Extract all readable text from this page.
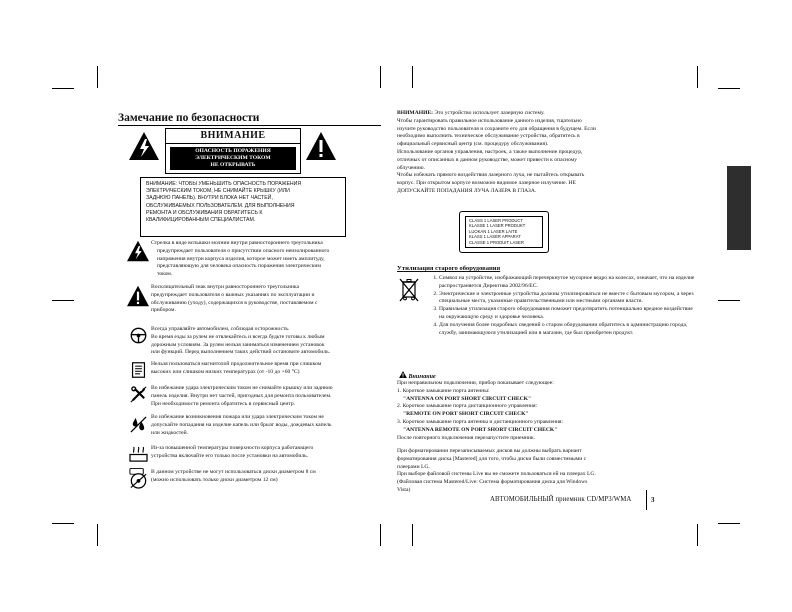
Замечание по безопасности
ВНИМАНИЕ
ОПАСНОСТЬ ПОРАЖЕНИЯ
ЭЛЕКТРИЧЕСКИМ ТОКОМ
НЕ ОТКРЫВАТЬ
ВНИМАНИЕ: ЧТОБЫ УМЕНЬШИТЬ ОПАСНОСТЬ ПОРАЖЕНИЯ
ЭЛЕКТРИЧЕСКИМ ТОКОМ, НЕ СНИМАЙТЕ КРЫШКУ (ИЛИ
ЗАДНЮЮ ПАНЕЛЬ). ВНУТРИ БЛОКА НЕТ ЧАСТЕЙ,
ОБСЛУЖИВАЕМЫХ ПОЛЬЗОВАТЕЛЕМ. ДЛЯ ВЫПОЛНЕНИЯ
РЕМОНТА И ОБСЛУЖИВАНИЯ ОБРАТИТЕСЬ К
КВАЛИФИЦИРОВАННЫМ СПЕЦИАЛИСТАМ.
Стрелка в виде вспышки молнии внутри равностороннего треугольника
предупреждает пользователя о присутствии опасного неизолированного
напряжения внутри корпуса изделия, которое может иметь амплитуду,
представляющую для человека опасность поражения электрическим
током.
Восклицательный знак внутри равностороннего треугольника
предупреждает пользователя о важных указаниях по эксплуатации и
обслуживанию (уходу), содержащихся в руководстве, поставляемом с
прибором.
Всегда управляйте автомобилем, соблюдая осторожность.
Во время езды за рулем не отвлекайтесь и всегда будьте готовы к любым
дорожным условиям. За рулем нельзя заниматься изменением установок
или функций. Перед выполнением таких действий остановите автомобиль.
Нельзя пользоваться магнитолой продолжительное время при слишком
высоких или слишком низких температурах (от -10 до +60 °C)
Во избежание удара электрическим током не снимайте крышку или заднюю
панель изделия. Внутри нет частей, пригодных для ремонта пользователем.
При необходимости ремонта обратитесь в сервисный центр.
Во избежание возникновения пожара или удара электрическим током не
допускайте попадания на изделие капель или брызг воды, дождевых капель
или жидкостей.
Из-за повышенной температуры поверхности корпуса работающего
устройства включайте его только после установки на автомобиль.
В данном устройстве не могут использоваться диски диаметром 8 см
(можно использовать только диски диаметром 12 см)
ВНИМАНИЕ: Это устройство использует лазерную систему.
Чтобы гарантировать правильное использование данного изделия, тщательно
изучите руководство пользователя и сохраните его для обращения в будущем. Если
необходимо выполнить техническое обслуживание устройства, обратитесь в
официальный сервисный центр (см. процедуру обслуживания).
Использование органов управления, настроек, а также выполнение процедур,
отличных от описанных в данном руководстве, может привести к опасному
облучению.
Чтобы избежать прямого воздействия лазерного луча, не пытайтесь открывать
корпус. При открытом корпусе возможно видимое лазерное излучение. НЕ
ДОПУСКАЙТЕ ПОПАДАНИЯ ЛУЧА ЛАЗЕРА В ГЛАЗА.
CLASS 1 LASER PRODUCT
KLASSE 1 LASER PRODUKT
LUOKAN 1 LASER LAITE
KLASS 1 LASER APPARAT
CLASSE 1 PRODUIT LASER
Утилизация старого оборудования
1. Символ на устройстве, изображающий перечеркнутое мусорное ведро на колесах, означает, что на изделие распространяется Директива 2002/96/EC.
2. Электрические и электронные устройства должны утилизироваться не вместе с бытовым мусором, а через специальные места, указанные правительственными или местными органами власти.
3. Правильная утилизация старого оборудования поможет предотвратить потенциально вредное воздействие на окружающую среду и здоровье человека.
4. Для получения более подробных сведений о старом оборудовании обратитесь в администрацию города, службу, занимающуюся утилизацией или в магазин, где был приобретен продукт.
Внимание
При неправильном подключении, прибор показывает следующее:
1. Короткое замыкание порта антенны:
"ANTENNA ON PORT SHORT CIRCUIT CHECK"
2. Короткое замыкание порта дистанционного управления:
"REMOTE ON PORT SHORT CIRCUIT CHECK"
3. Короткое замыкание порта антенны и дистанционного управления:
"ANTENNA REMOTE ON PORT SHORT CIRCUIT CHECK"
После повторного подключения перезапустите приемник.
При форматировании перезаписываемых дисков вы должны выбрать вариант
форматирования диска [Mastered] для того, чтобы диски были совместимыми с
плеерами LG.
При выборе файловой системы Live вы не сможете пользоваться ей на плеерах LG.
(Файловая система Mastered/Live: Система форматирования диска для Windows
Vista)
АВТОМОБИЛЬНЫЙ приемник CD/MP3/WMA	3
